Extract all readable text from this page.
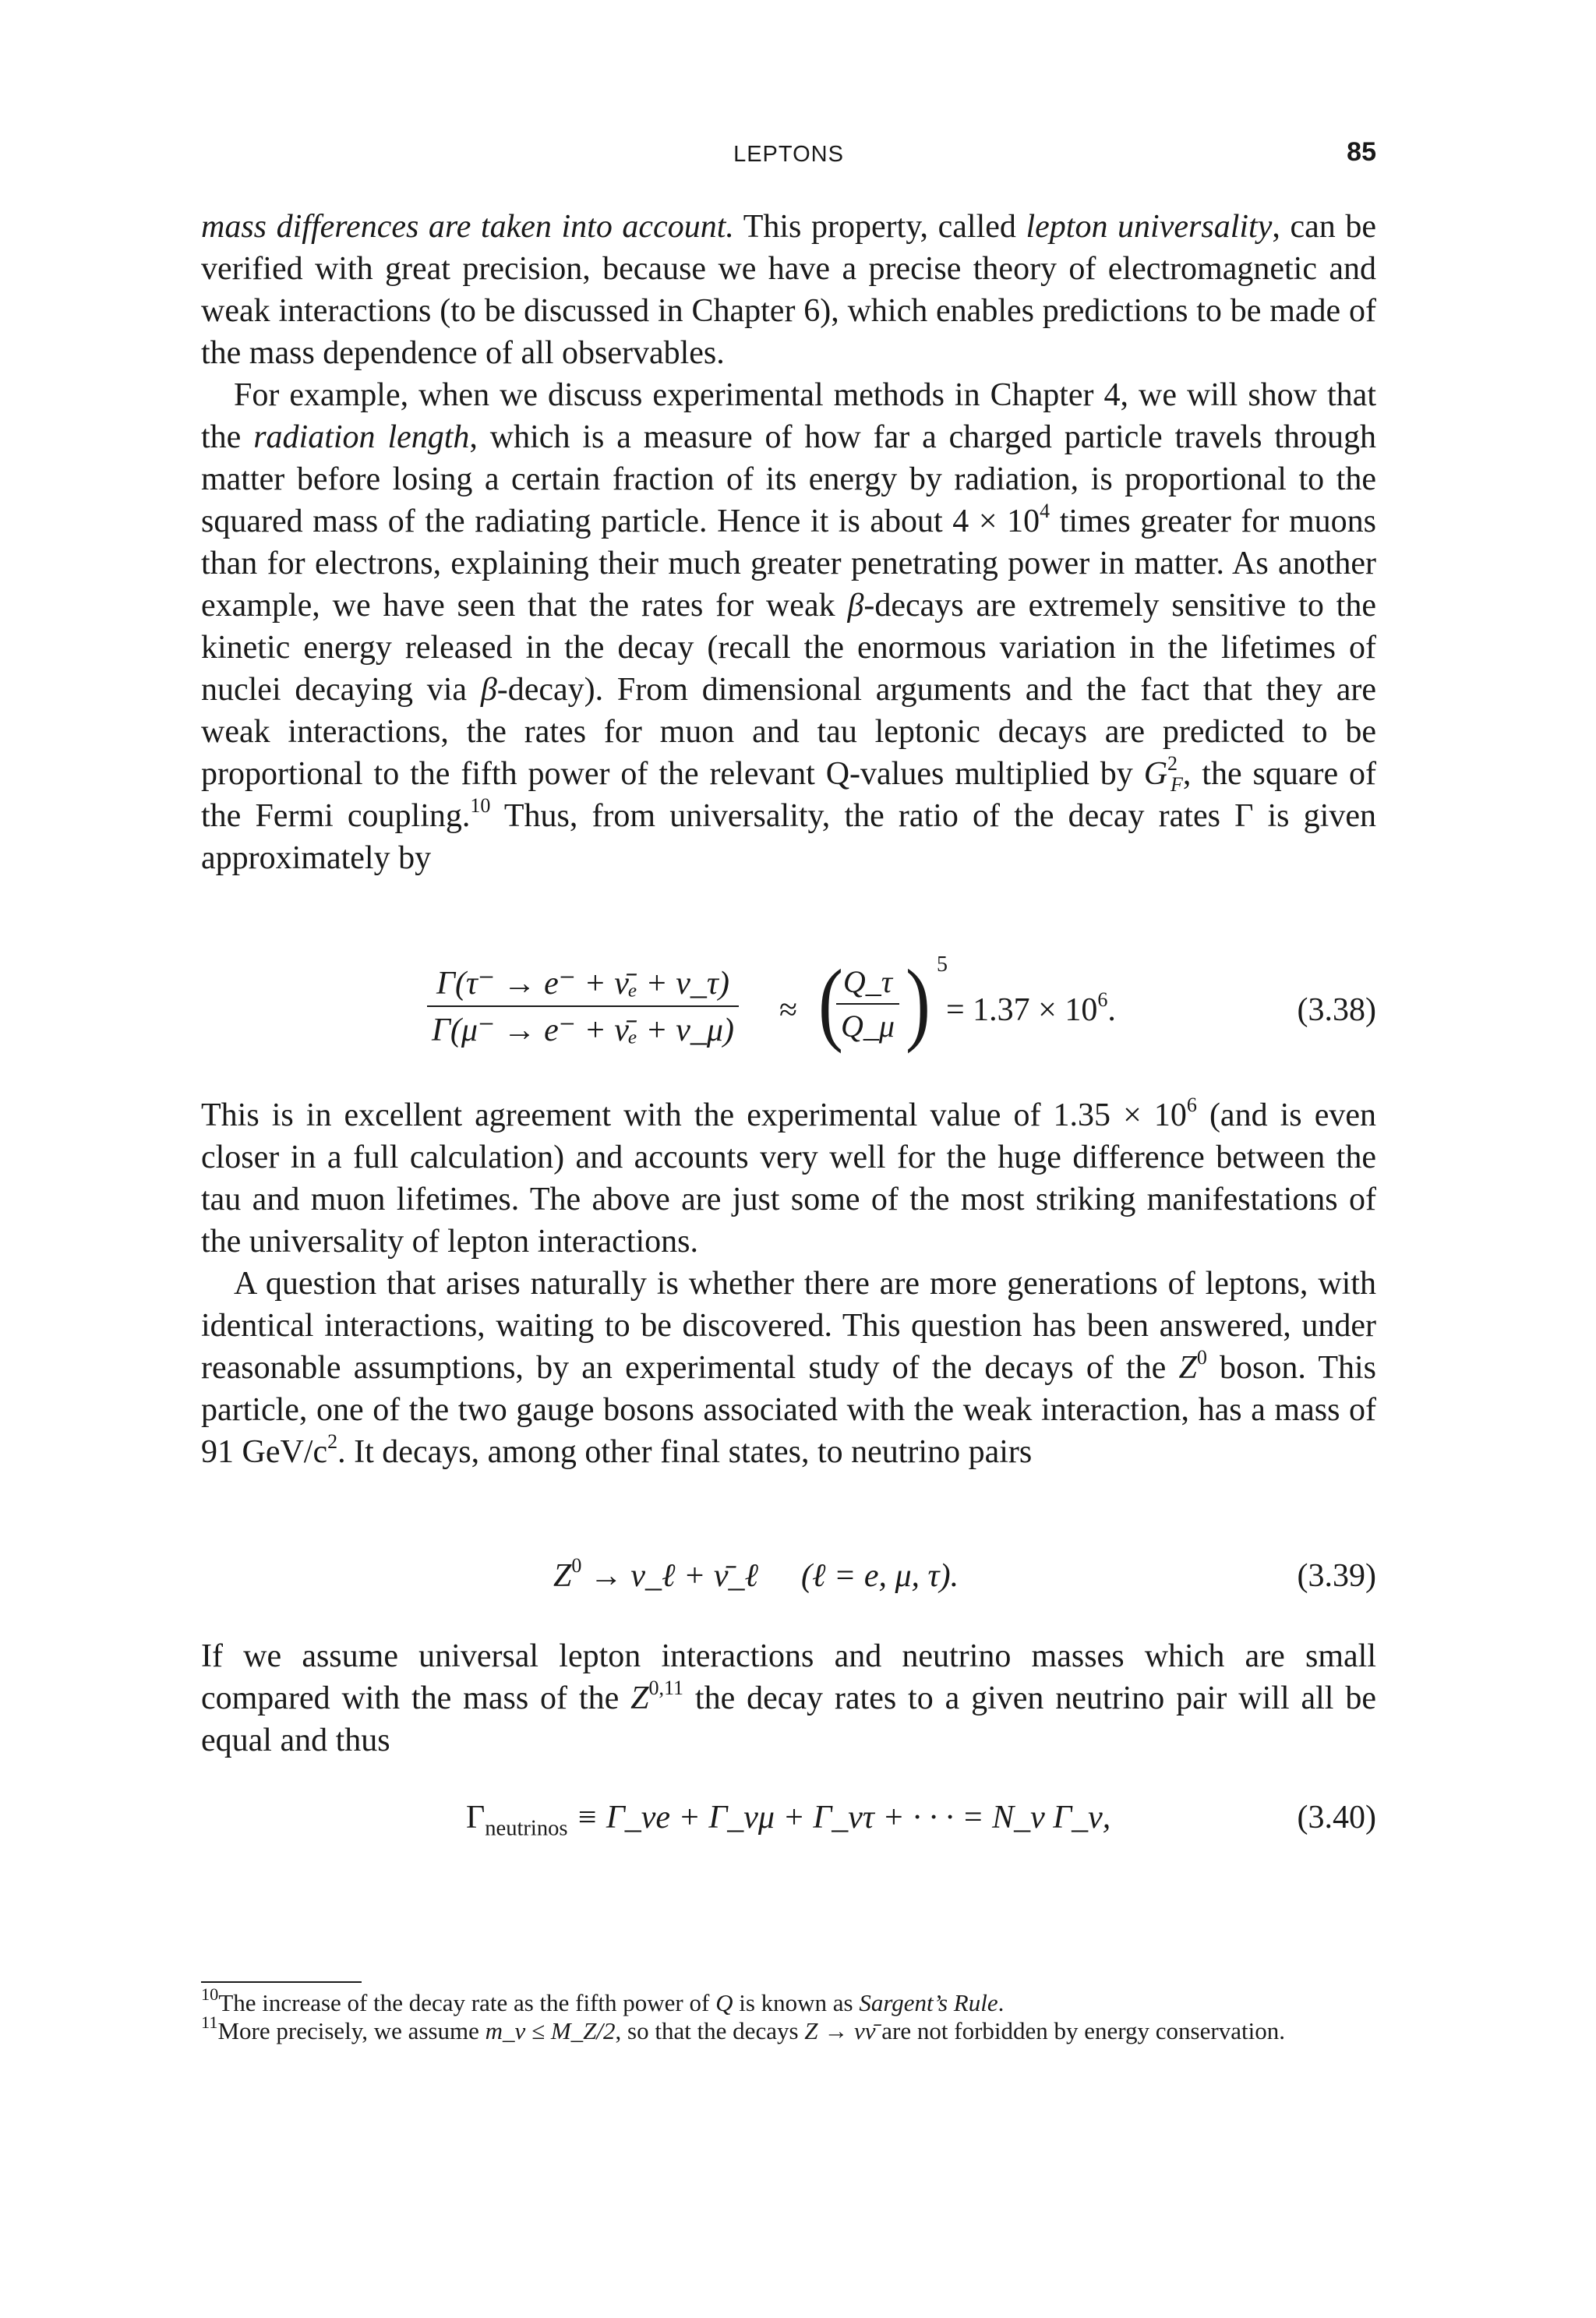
LEPTONS	85

mass differences are taken into account. This property, called lepton universality, can be verified with great precision, because we have a precise theory of electromagnetic and weak interactions (to be discussed in Chapter 6), which enables predictions to be made of the mass dependence of all observables.

For example, when we discuss experimental methods in Chapter 4, we will show that the radiation length, which is a measure of how far a charged particle travels through matter before losing a certain fraction of its energy by radiation, is proportional to the squared mass of the radiating particle. Hence it is about $4 \times 10^4$ times greater for muons than for electrons, explaining their much greater penetrating power in matter. As another example, we have seen that the rates for weak β-decays are extremely sensitive to the kinetic energy released in the decay (recall the enormous variation in the lifetimes of nuclei decaying via β-decay). From dimensional arguments and the fact that they are weak interactions, the rates for muon and tau leptonic decays are predicted to be proportional to the fifth power of the relevant Q-values multiplied by $G^2_F$, the square of the Fermi coupling.$^{10}$ Thus, from universality, the ratio of the decay rates Γ is given approximately by

Γ(τ⁻ → e⁻ + ν̄ₑ + ν_τ)
Γ(μ⁻ → e⁻ + ν̄ₑ + ν_μ)
≈ ( Q_τ
Q_μ ) 5
= $1.37 \times 10^6$.	(3.38)

This is in excellent agreement with the experimental value of $1.35 \times 10^6$ (and is even closer in a full calculation) and accounts very well for the huge difference between the tau and muon lifetimes. The above are just some of the most striking manifestations of the universality of lepton interactions.

A question that arises naturally is whether there are more generations of leptons, with identical interactions, waiting to be discovered. This question has been answered, under reasonable assumptions, by an experimental study of the decays of the $Z^0$ boson. This particle, one of the two gauge bosons associated with the weak interaction, has a mass of 91 GeV/$c^2$. It decays, among other final states, to neutrino pairs

$Z^0$ → ν_ℓ + ν̄_ℓ (ℓ = e, μ, τ).	(3.39)

If we assume universal lepton interactions and neutrino masses which are small compared with the mass of the Z$^{0,11}$ the decay rates to a given neutrino pair will all be equal and thus

$\Gamma_{neutrinos}$ ≡ Γ_νe + Γ_νμ + Γ_ντ + · · · = N_ν Γ_ν,	(3.40)

$^{10}$The increase of the decay rate as the fifth power of Q is known as Sargent’s Rule.

$^{11}$More precisely, we assume m_ν ≤ M_Z/2, so that the decays Z → νν̄ are not forbidden by energy conservation.
